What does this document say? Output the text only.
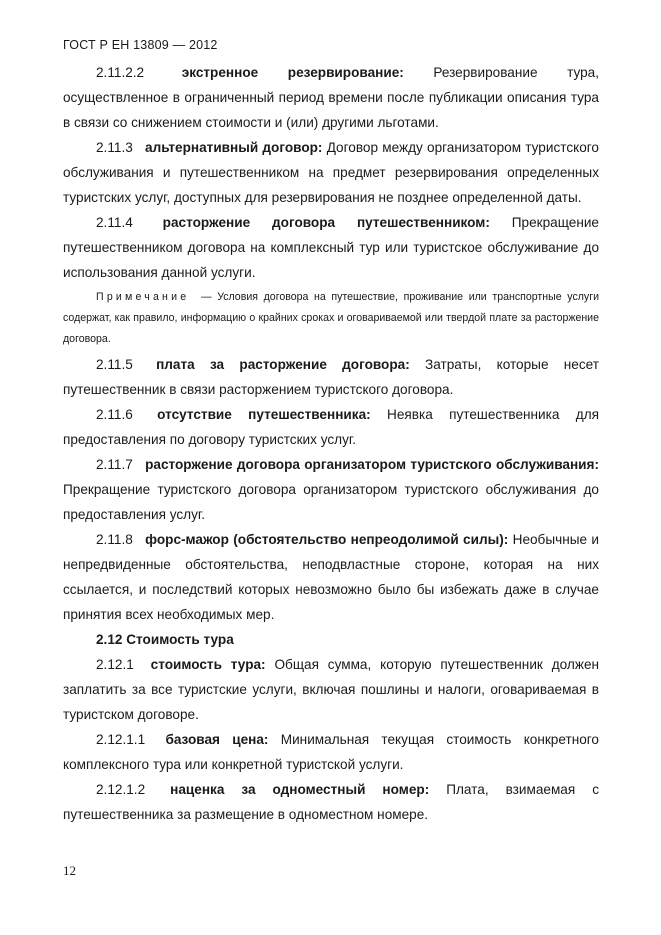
ГОСТ Р ЕН 13809 — 2012

2.11.2.2	экстренное резервирование: Резервирование тура, осуществленное в ограниченный период времени после публикации описания тура в связи со снижением стоимости и (или) другими льготами.

2.11.3 альтернативный договор: Договор между организатором туристского обслуживания и путешественником на предмет резервирования определенных туристских услуг, доступных для резервирования не позднее определенной даты.

2.11.4 расторжение договора путешественником: Прекращение путешественником договора на комплексный тур или туристское обслуживание до использования данной услуги.

Примечание — Условия договора на путешествие, проживание или транспортные услуги содержат, как правило, информацию о крайних сроках и оговариваемой или твердой плате за расторжение договора.

2.11.5 плата за расторжение договора: Затраты, которые несет путешественник в связи расторжением туристского договора.

2.11.6 отсутствие путешественника: Неявка путешественника для предоставления по договору туристских услуг.

2.11.7 расторжение договора организатором туристского обслуживания: Прекращение туристского договора организатором туристского обслуживания до предоставления услуг.

2.11.8 форс-мажор (обстоятельство непреодолимой силы): Необычные и непредвиденные обстоятельства, неподвластные стороне, которая на них ссылается, и последствий которых невозможно было бы избежать даже в случае принятия всех необходимых мер.

2.12 Стоимость тура

2.12.1 стоимость тура: Общая сумма, которую путешественник должен заплатить за все туристские услуги, включая пошлины и налоги, оговариваемая в туристском договоре.

2.12.1.1 базовая цена: Минимальная текущая стоимость конкретного комплексного тура или конкретной туристской услуги.

2.12.1.2 наценка за одноместный номер: Плата, взимаемая с путешественника за размещение в одноместном номере.

12
